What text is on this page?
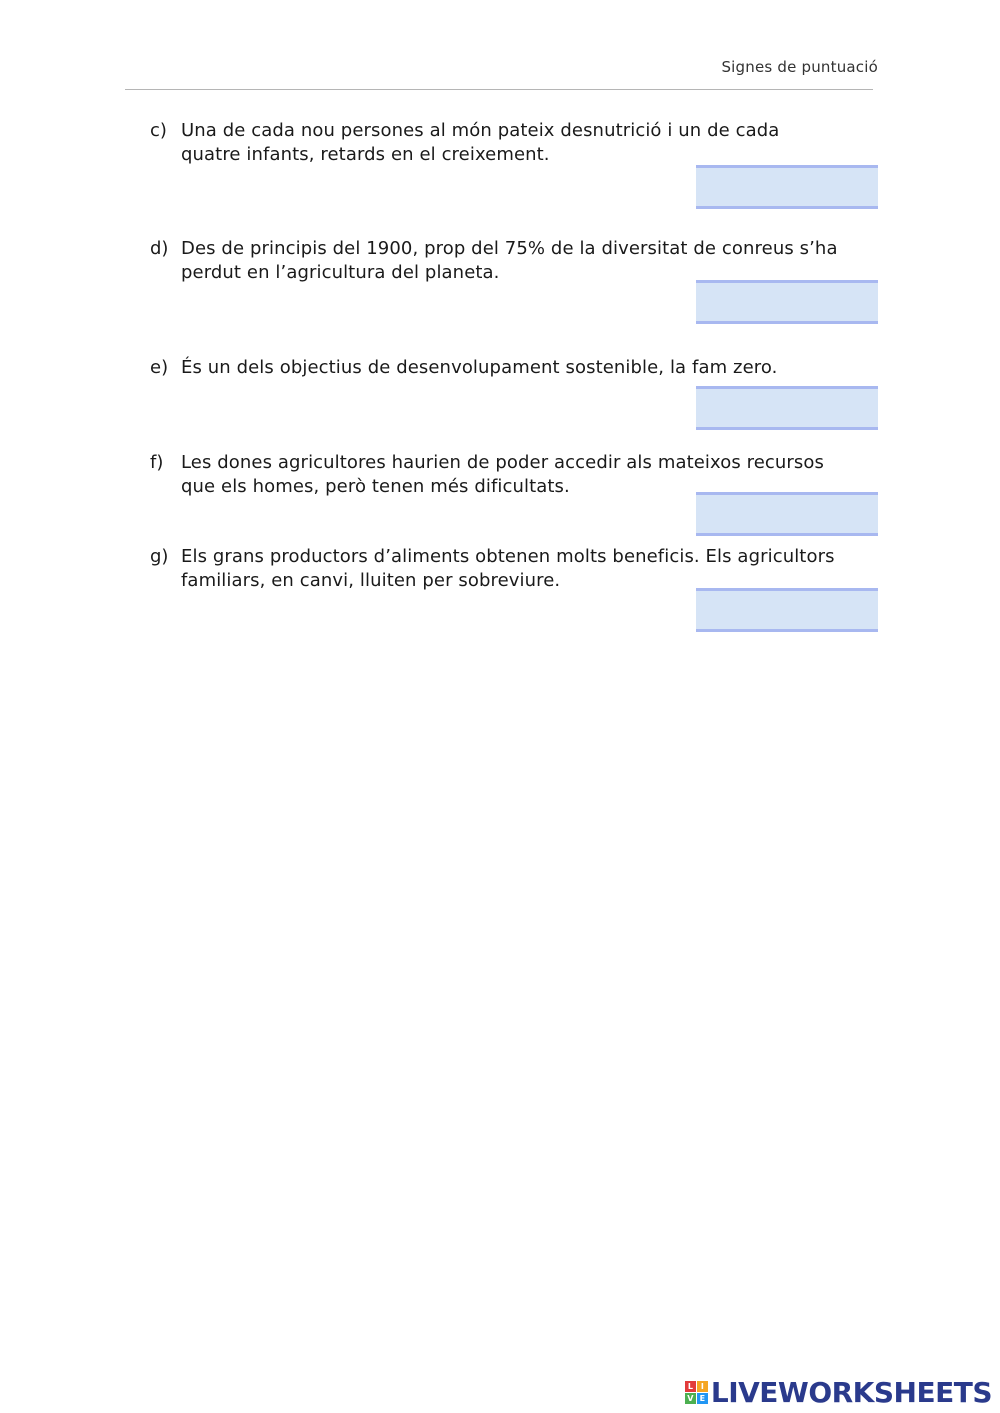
Signes de puntuació
c) Una de cada nou persones al món pateix desnutrició i un de cada
quatre infants, retards en el creixement.
d) Des de principis del 1900, prop del 75% de la diversitat de conreus s’ha
perdut en l’agricultura del planeta.
e) És un dels objectius de desenvolupament sostenible, la fam zero.
f) Les dones agricultores haurien de poder accedir als mateixos recursos
que els homes, però tenen més dificultats.
g) Els grans productors d’aliments obtenen molts beneficis. Els agricultors
familiars, en canvi, lluiten per sobreviure.
L I
V E LIVEWORKSHEETS
